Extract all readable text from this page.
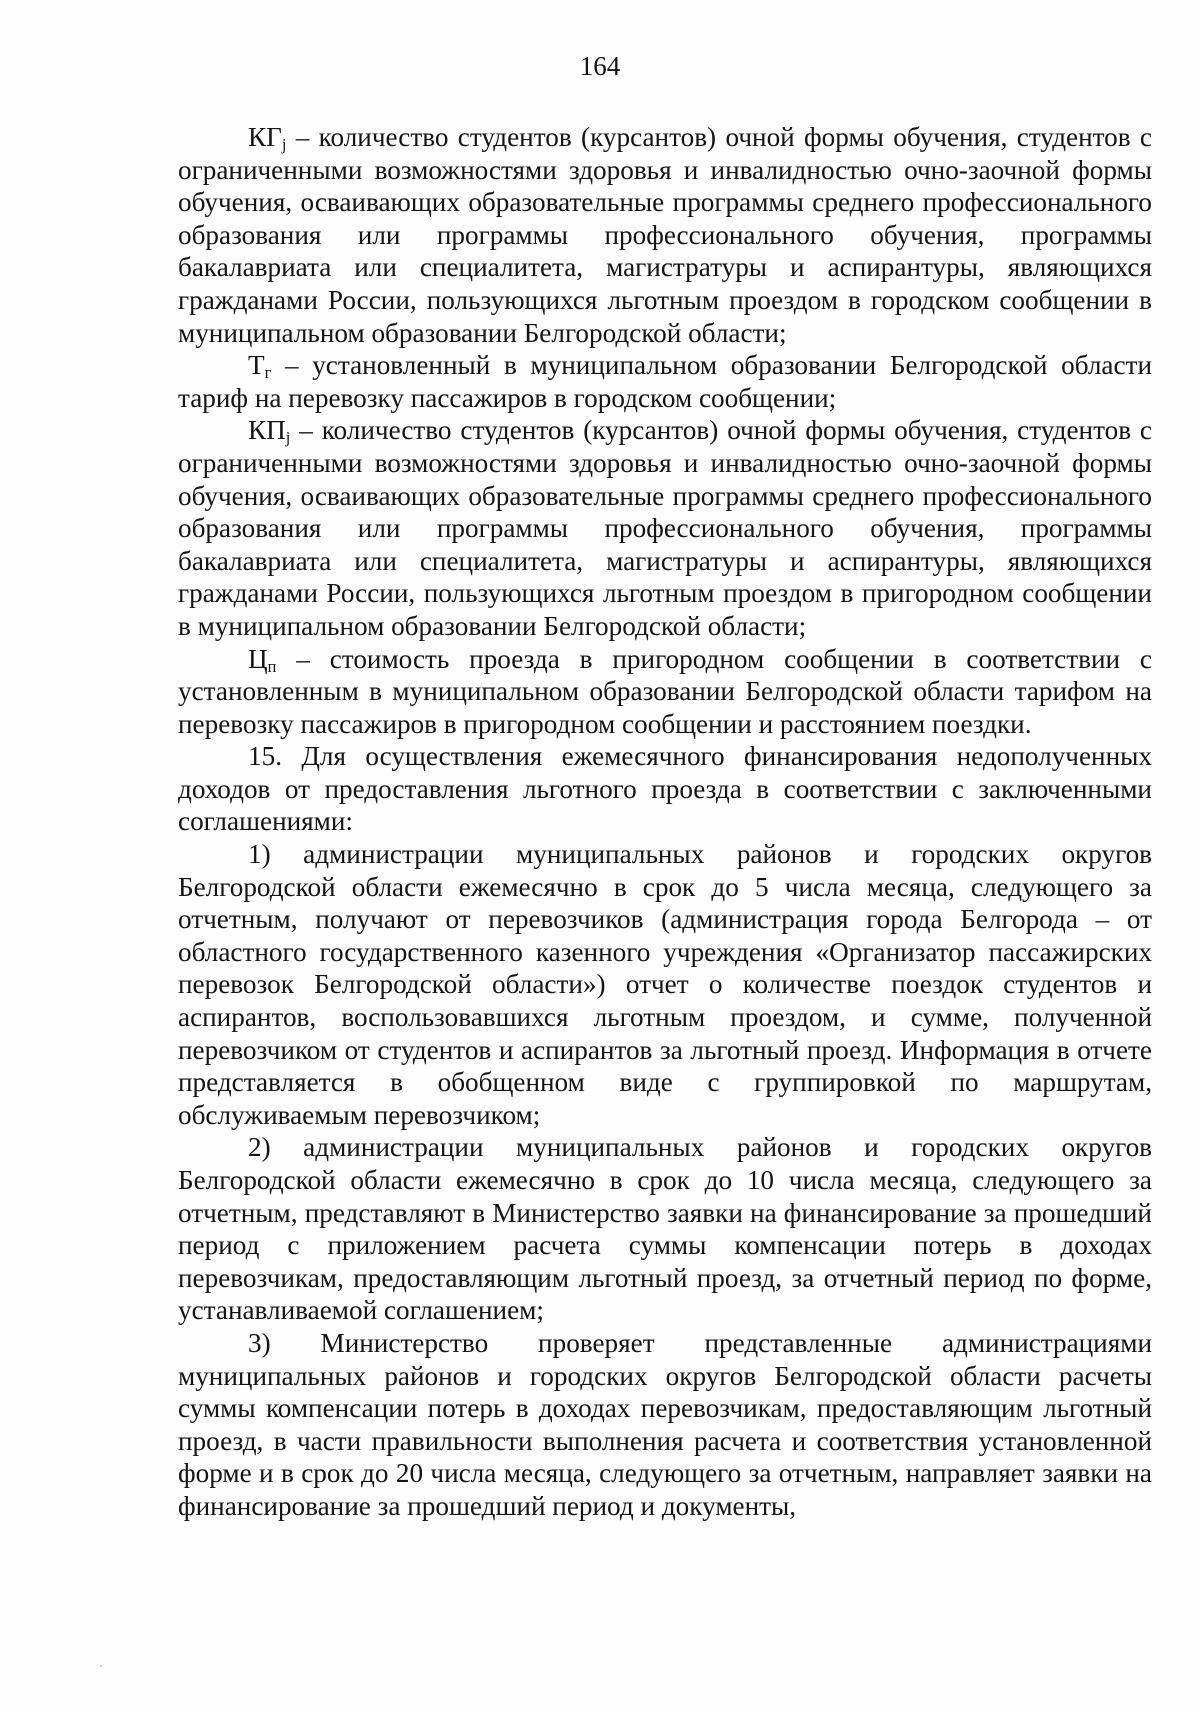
164

$КГ_j$ – количество студентов (курсантов) очной формы обучения, студентов с ограниченными возможностями здоровья и инвалидностью очно-заочной формы обучения, осваивающих образовательные программы среднего профессионального образования или программы профессионального обучения, программы бакалавриата или специалитета, магистратуры и аспирантуры, являющихся гражданами России, пользующихся льготным проездом в городском сообщении в муниципальном образовании Белгородской области;

$Т_г$ – установленный в муниципальном образовании Белгородской области тариф на перевозку пассажиров в городском сообщении;

$КП_j$ – количество студентов (курсантов) очной формы обучения, студентов с ограниченными возможностями здоровья и инвалидностью очно-заочной формы обучения, осваивающих образовательные программы среднего профессионального образования или программы профессионального обучения, программы бакалавриата или специалитета, магистратуры и аспирантуры, являющихся гражданами России, пользующихся льготным проездом в пригородном сообщении в муниципальном образовании Белгородской области;

$Ц_п$ – стоимость проезда в пригородном сообщении в соответствии с установленным в муниципальном образовании Белгородской области тарифом на перевозку пассажиров в пригородном сообщении и расстоянием поездки.

15. Для осуществления ежемесячного финансирования недополученных доходов от предоставления льготного проезда в соответствии с заключенными соглашениями:

1) администрации муниципальных районов и городских округов Белгородской области ежемесячно в срок до 5 числа месяца, следующего за отчетным, получают от перевозчиков (администрация города Белгорода – от областного государственного казенного учреждения «Организатор пассажирских перевозок Белгородской области») отчет о количестве поездок студентов и аспирантов, воспользовавшихся льготным проездом, и сумме, полученной перевозчиком от студентов и аспирантов за льготный проезд. Информация в отчете представляется в обобщенном виде с группировкой по маршрутам, обслуживаемым перевозчиком;

2) администрации муниципальных районов и городских округов Белгородской области ежемесячно в срок до 10 числа месяца, следующего за отчетным, представляют в Министерство заявки на финансирование за прошедший период с приложением расчета суммы компенсации потерь в доходах перевозчикам, предоставляющим льготный проезд, за отчетный период по форме, устанавливаемой соглашением;

3) Министерство проверяет представленные администрациями муниципальных районов и городских округов Белгородской области расчеты суммы компенсации потерь в доходах перевозчикам, предоставляющим льготный проезд, в части правильности выполнения расчета и соответствия установленной форме и в срок до 20 числа месяца, следующего за отчетным, направляет заявки на финансирование за прошедший период и документы,
